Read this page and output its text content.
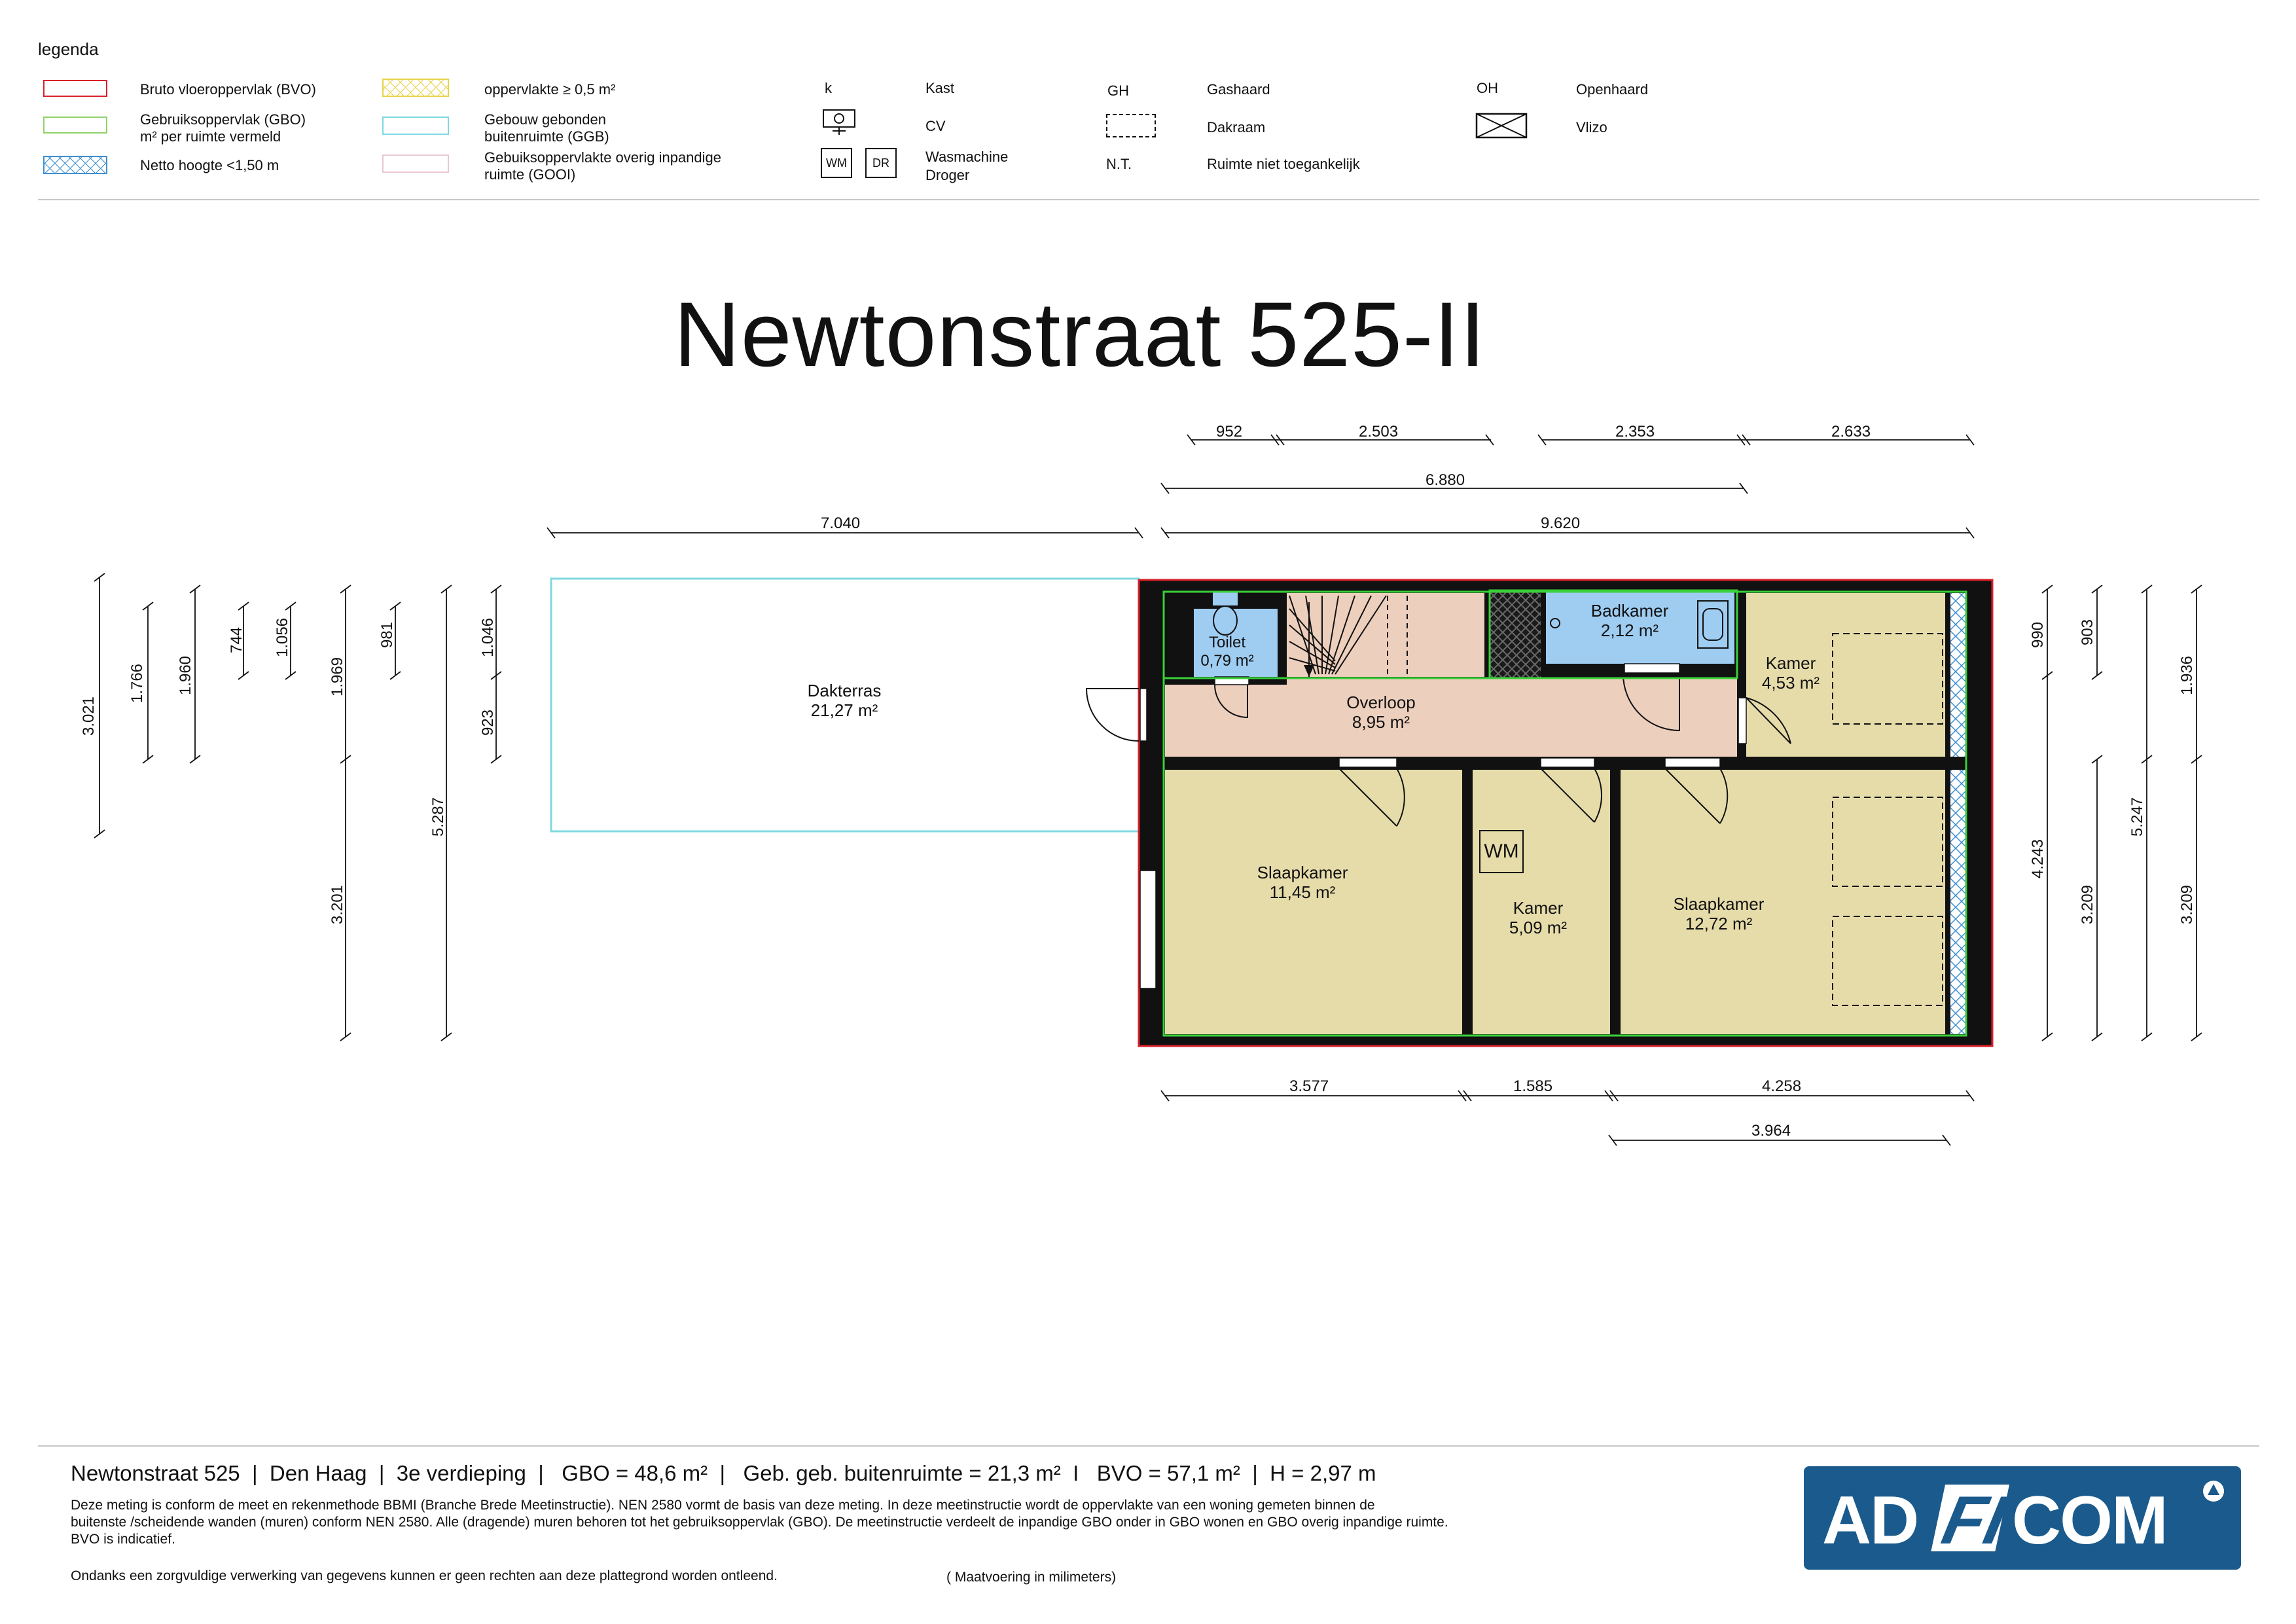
legenda
Bruto vloeroppervlak (BVO)
Gebruiksoppervlak (GBO)
m² per ruimte vermeld
Netto hoogte <1,50 m
oppervlakte ≥ 0,5 m²
Gebouw gebonden
buitenruimte (GGB)
Gebuiksoppervlakte overig inpandige
ruimte (GOOI)
k	Kast
CV
WM	DR	Wasmachine
Droger
GH	Gashaard
Dakraam
N.T.	Ruimte niet toegankelijk
OH	Openhaard
Vlizo
Newtonstraat 525-II
Dakterras
21,27 m²
Toilet
0,79 m²
Overloop
8,95 m²
Badkamer
2,12 m²
Kamer
4,53 m²
Slaapkamer
11,45 m²
Kamer
5,09 m²
Slaapkamer
12,72 m²
WM
952	2.503	2.353	2.633
6.880
7.040	9.620
3.577	1.585	4.258
3.964
3.021
1.766 1.960
744 1.056
1.969
3.201
981
5.287
1.046
923
990
4.243
903
3.209
5.247
1.936
3.209
Newtonstraat 525  |  Den Haag  |  3e verdieping  |   GBO = 48,6 m²  |   Geb. geb. buitenruimte = 21,3 m²  I   BVO = 57,1 m²  |  H = 2,97 m
Deze meting is conform de meet en rekenmethode BBMI (Branche Brede Meetinstructie). NEN 2580 vormt de basis van deze meting. In deze meetinstructie wordt de oppervlakte van een woning gemeten binnen de
buitenste /scheidende wanden (muren) conform NEN 2580. Alle (dragende) muren behoren tot het gebruiksoppervlak (GBO). De meetinstructie verdeelt de inpandige GBO onder in GBO wonen en GBO overig inpandige ruimte.
BVO is indicatief.
Ondanks een zorgvuldige verwerking van gegevens kunnen er geen rechten aan deze plattegrond worden ontleend.	( Maatvoering in milimeters)
AD FI
COM
